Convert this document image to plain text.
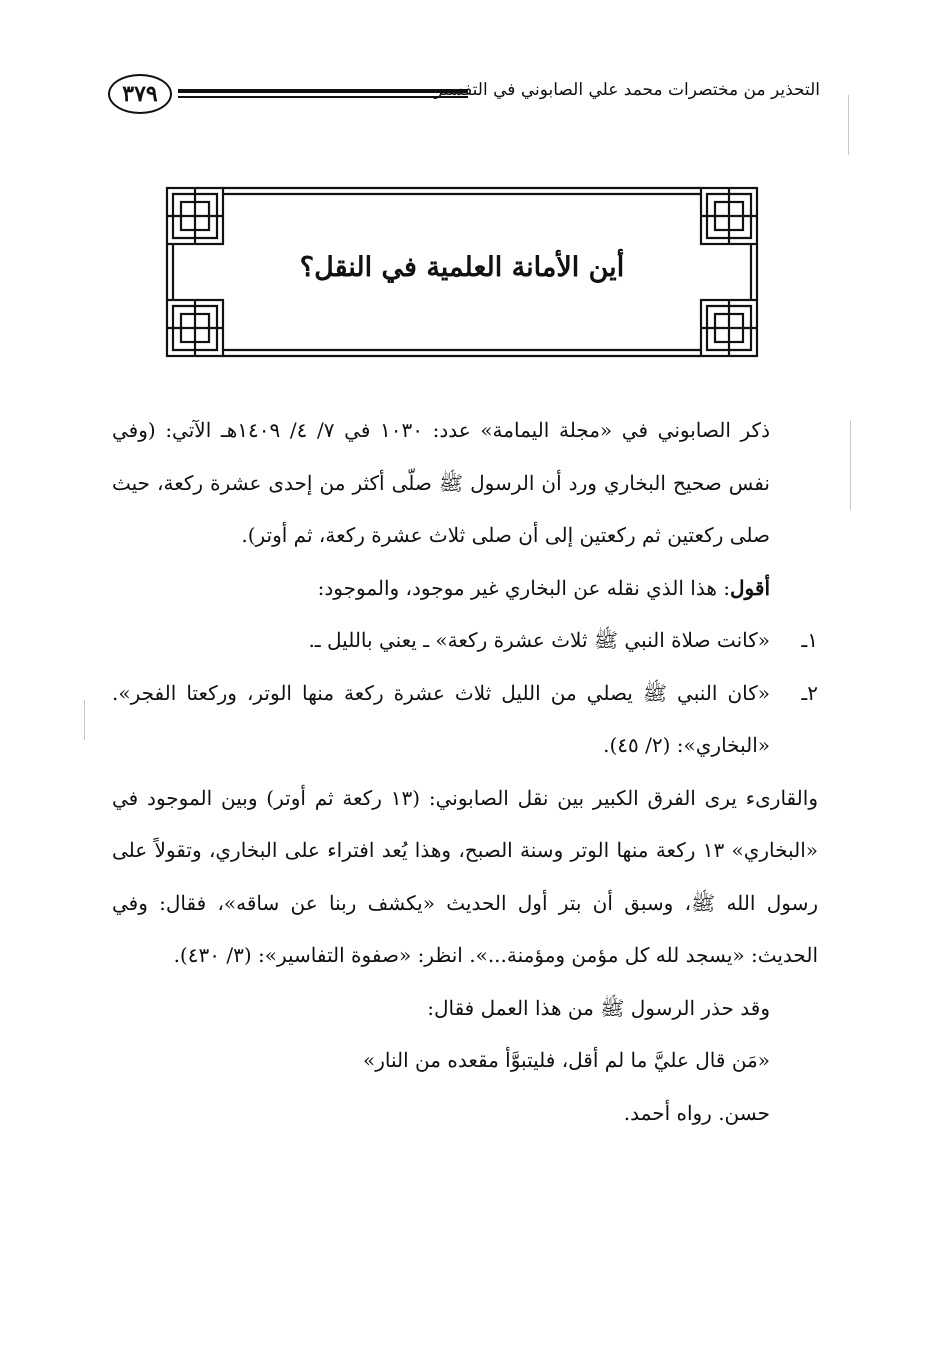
٣٧٩	التحذير من مختصرات محمد علي الصابوني في التفسير
أين الأمانة العلمية في النقل؟

ذكر الصابوني في «مجلة اليمامة» عدد: ١٠٣٠ في ٧/ ٤/ ١٤٠٩هـ الآتي: (وفي نفس صحيح البخاري ورد أن الرسول ﷺ صلّى أكثر من إحدى عشرة ركعة، حيث صلى ركعتين ثم ركعتين إلى أن صلى ثلاث عشرة ركعة، ثم أوتر).

أقول: هذا الذي نقله عن البخاري غير موجود، والموجود:

١ـ
«كانت صلاة النبي ﷺ ثلاث عشرة ركعة» ـ يعني بالليل ـ.
٢ـ
«كان النبي ﷺ يصلي من الليل ثلاث عشرة ركعة منها الوتر، وركعتا الفجر». «البخاري»: (٢/ ٤٥).

والقارىء يرى الفرق الكبير بين نقل الصابوني: (١٣ ركعة ثم أوتر) وبين الموجود في «البخاري» ١٣ ركعة منها الوتر وسنة الصبح، وهذا يُعد افتراء على البخاري، وتقولاً على رسول الله ﷺ، وسبق أن بتر أول الحديث «يكشف ربنا عن ساقه»، فقال: وفي الحديث: «يسجد لله كل مؤمن ومؤمنة...». انظر: «صفوة التفاسير»: (٣/ ٤٣٠).

وقد حذر الرسول ﷺ من هذا العمل فقال:

«مَن قال عليَّ ما لم أقل، فليتبوَّأ مقعده من النار»

حسن. رواه أحمد.
